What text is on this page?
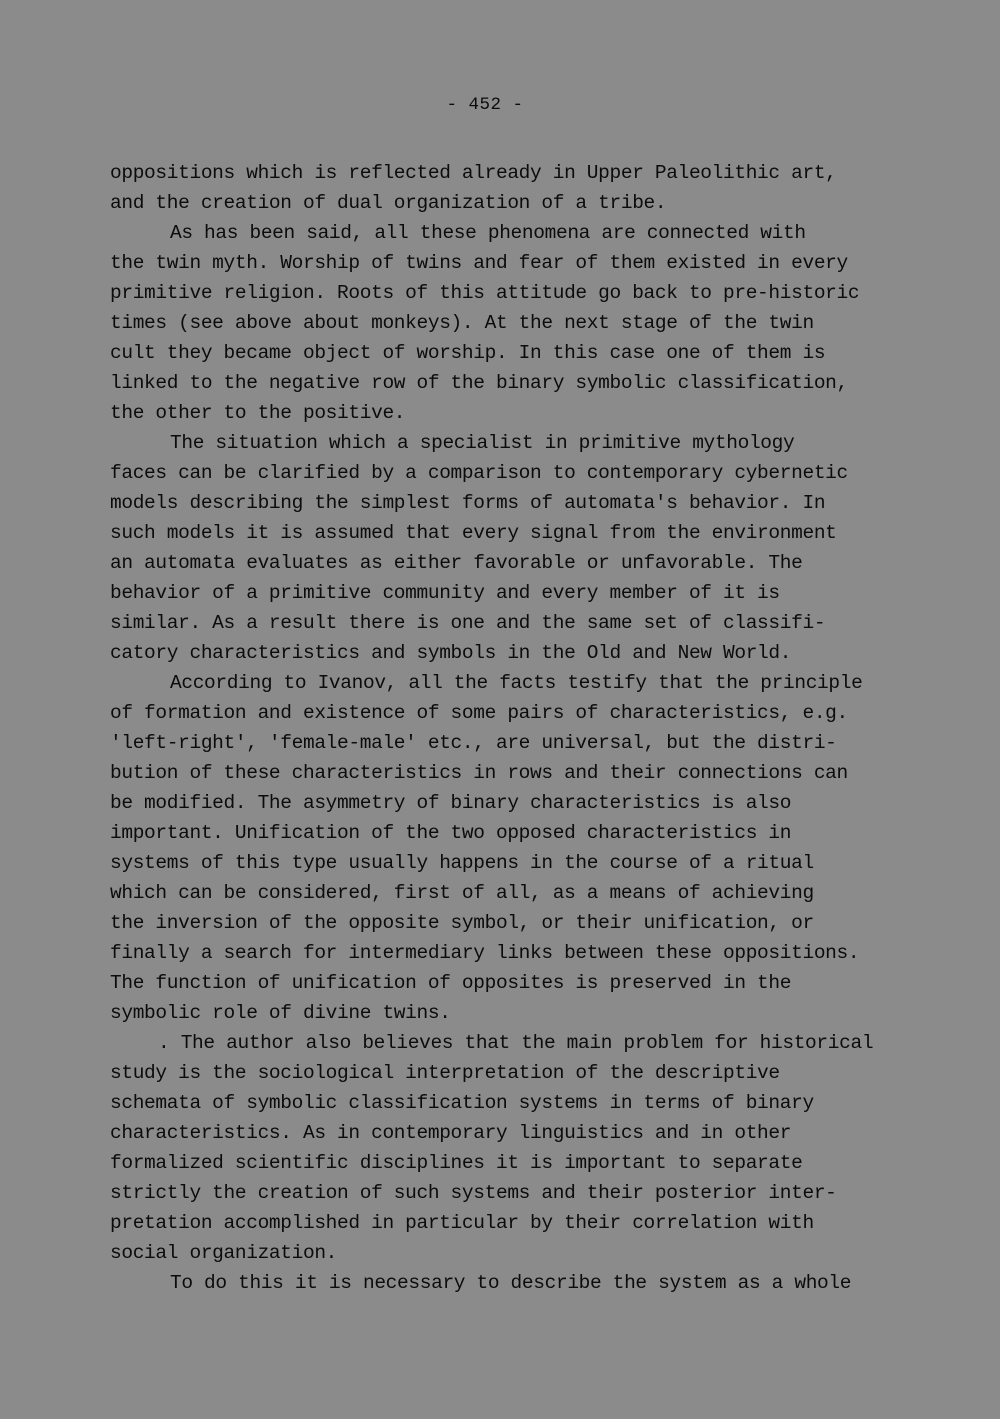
- 452 -
oppositions which is reflected already in Upper Paleolithic art,
and the creation of dual organization of a tribe.
As has been said, all these phenomena are connected with
the twin myth. Worship of twins and fear of them existed in every
primitive religion. Roots of this attitude go back to pre-historic
times (see above about monkeys). At the next stage of the twin
cult they became object of worship. In this case one of them is
linked to the negative row of the binary symbolic classification,
the other to the positive.
The situation which a specialist in primitive mythology
faces can be clarified by a comparison to contemporary cybernetic
models describing the simplest forms of automata's behavior. In
such models it is assumed that every signal from the environment
an automata evaluates as either favorable or unfavorable. The
behavior of a primitive community and every member of it is
similar. As a result there is one and the same set of classifi-
catory characteristics and symbols in the Old and New World.
According to Ivanov, all the facts testify that the principle
of formation and existence of some pairs of characteristics, e.g.
'left-right', 'female-male' etc., are universal, but the distri-
bution of these characteristics in rows and their connections can
be modified. The asymmetry of binary characteristics is also
important. Unification of the two opposed characteristics in
systems of this type usually happens in the course of a ritual
which can be considered, first of all, as a means of achieving
the inversion of the opposite symbol, or their unification, or
finally a search for intermediary links between these oppositions.
The function of unification of opposites is preserved in the
symbolic role of divine twins.
. The author also believes that the main problem for historical
study is the sociological interpretation of the descriptive
schemata of symbolic classification systems in terms of binary
characteristics. As in contemporary linguistics and in other
formalized scientific disciplines it is important to separate
strictly the creation of such systems and their posterior inter-
pretation accomplished in particular by their correlation with
social organization.
To do this it is necessary to describe the system as a whole
